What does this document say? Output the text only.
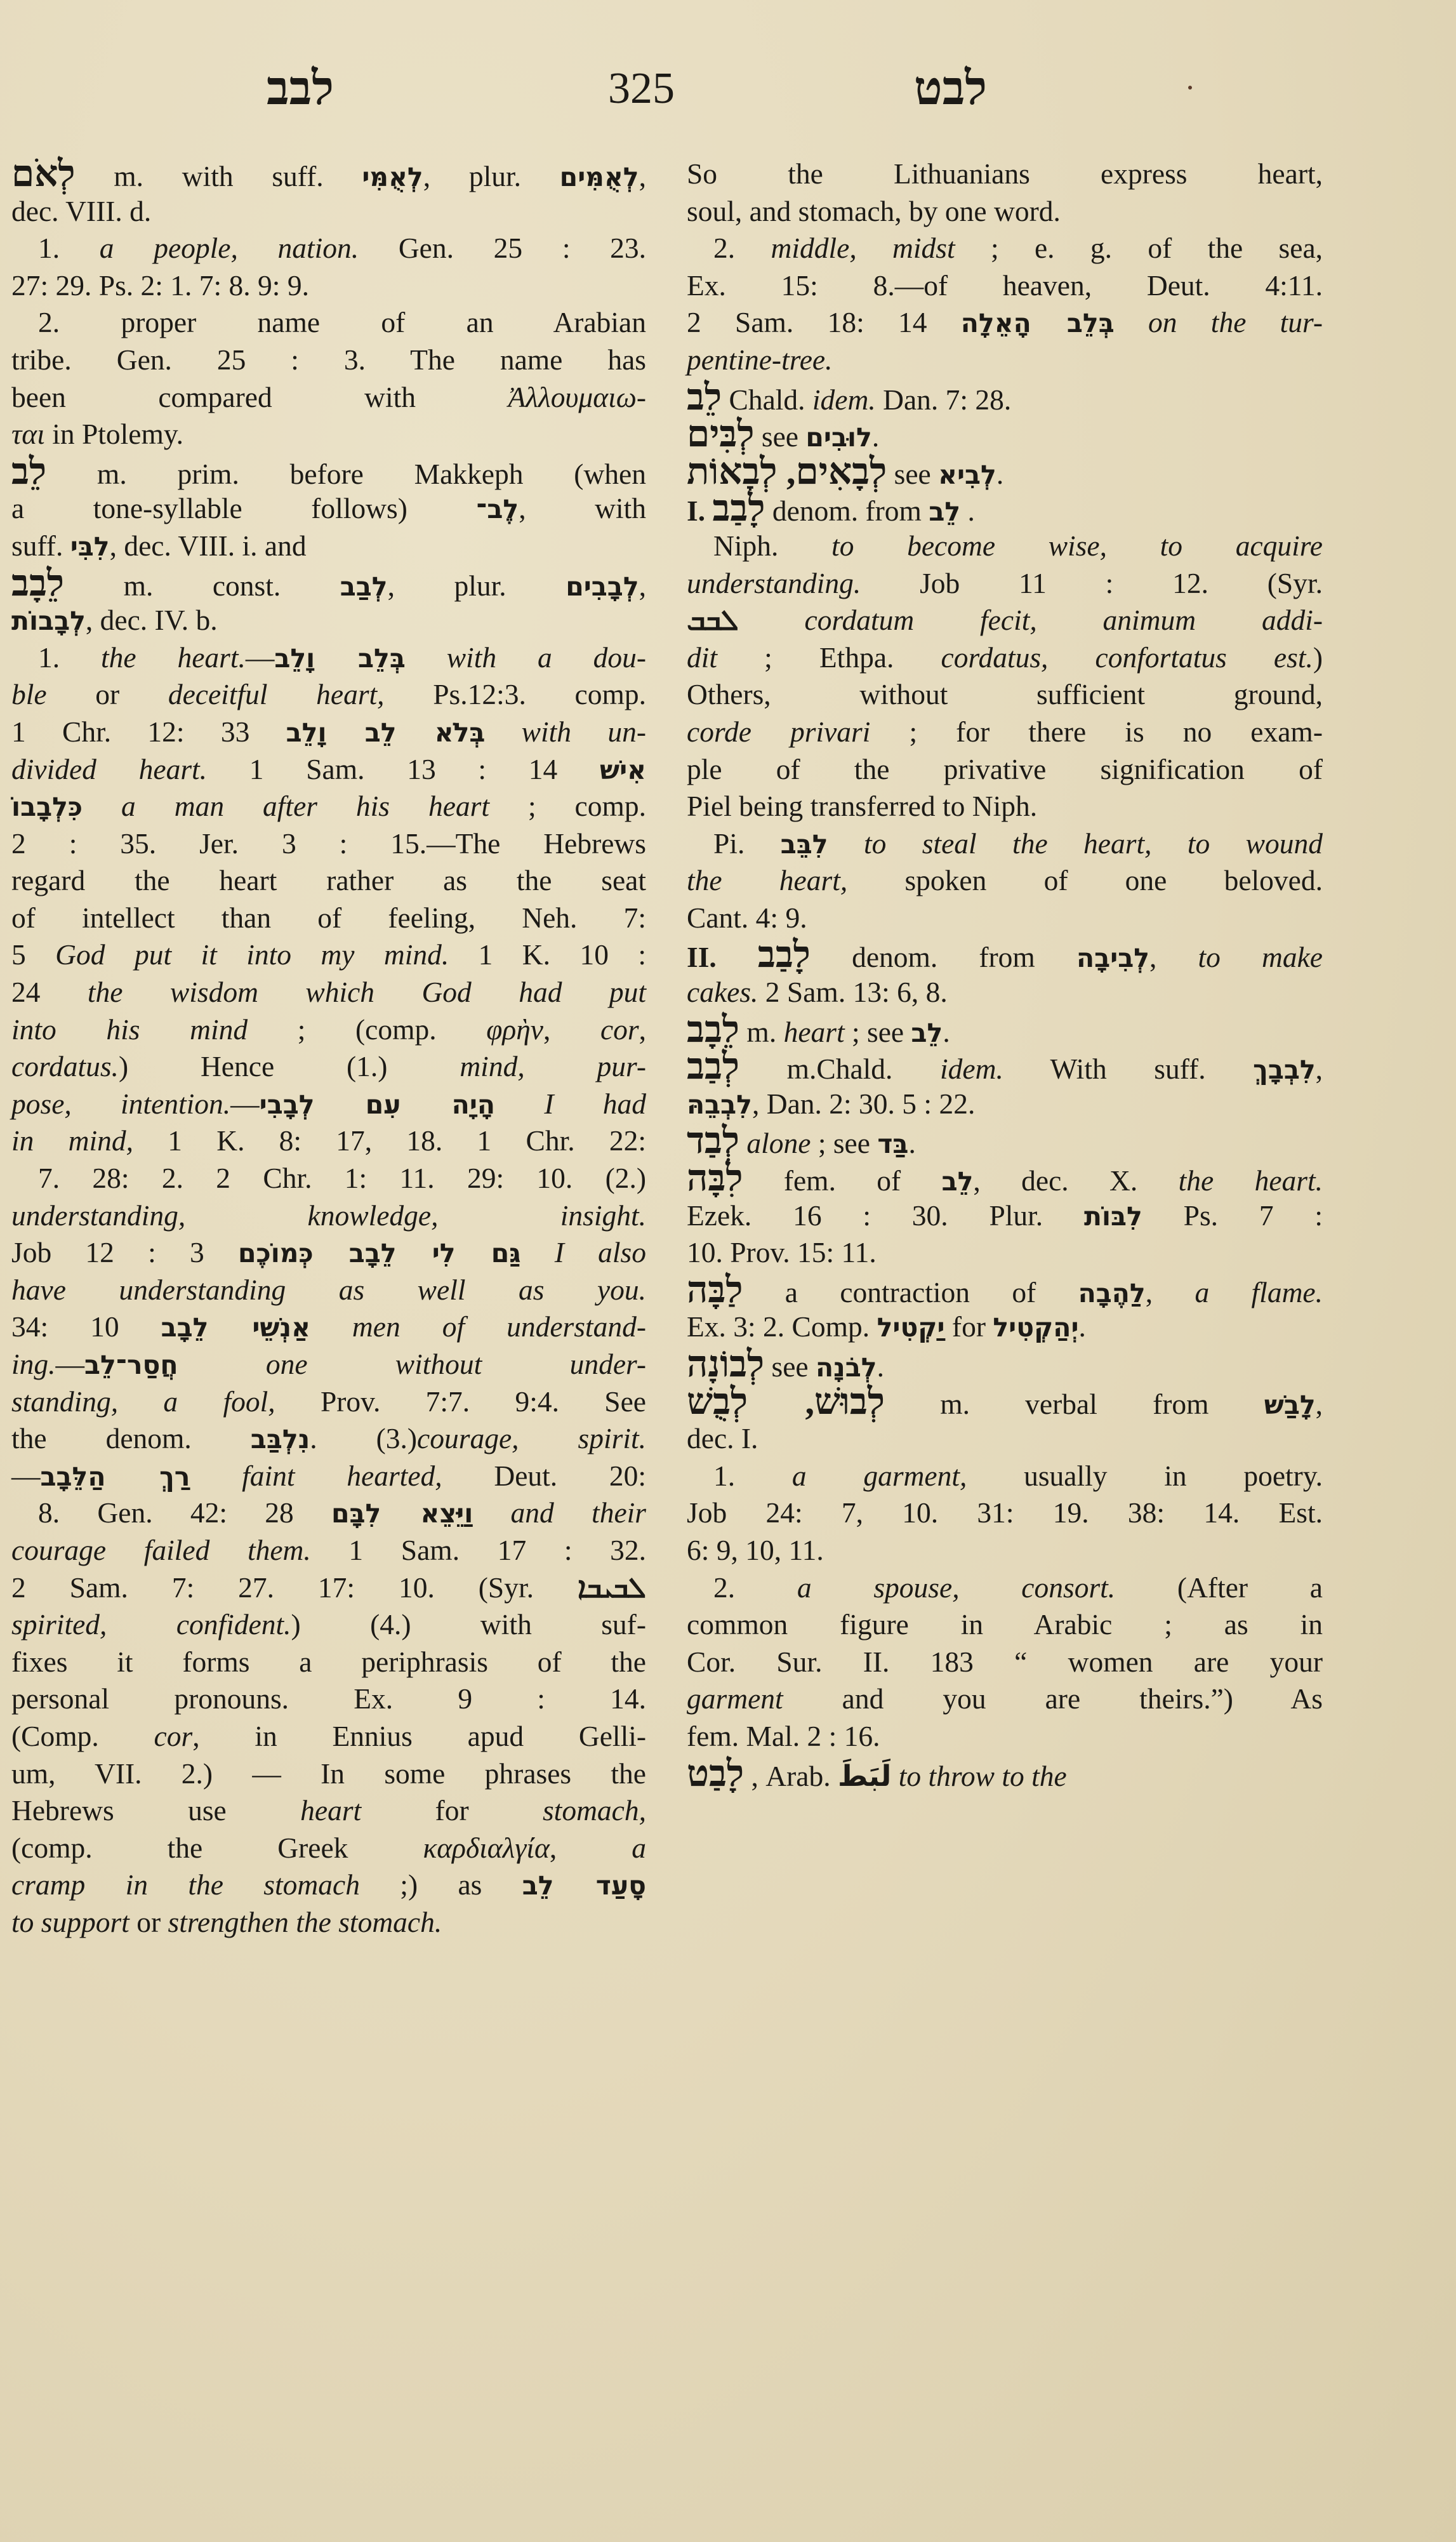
לבב	325	לבט
לְאֹם m. with suff. לְאֻמִּי, plur. לְאֻמִּים,
dec. VIII. d.
1. a people, nation. Gen. 25 : 23.
27: 29. Ps. 2: 1. 7: 8. 9: 9.
2. proper name of an Arabian
tribe. Gen. 25 : 3. The name has
been compared with Ἀλλουμαιω-
ται in Ptolemy.
לֵב m. prim. before Makkeph (when
a tone-syllable follows) לֶב־, with
suff. לִבִּי, dec. VIII. i. and
לֵבָב m. const. לְבַב, plur. לְבָבִים,
לְבָבוֹת, dec. IV. b.
1. the heart.—בְּלֵב וָלֵב with a dou-
ble or deceitful heart, Ps.12:3. comp.
1 Chr. 12: 33 בְּלֹא לֵב וָלֵב with un-
divided heart. 1 Sam. 13 : 14 אִישׁ
כִּלְבָבוֹ a man after his heart ; comp.
2 : 35. Jer. 3 : 15.—The Hebrews
regard the heart rather as the seat
of intellect than of feeling, Neh. 7:
5 God put it into my mind. 1 K. 10 :
24 the wisdom which God had put
into his mind ; (comp. φρὴν, cor,
cordatus.) Hence (1.) mind, pur-
pose, intention.—הָיָה עִם לְבָבִי I had
in mind, 1 K. 8: 17, 18. 1 Chr. 22:
7. 28: 2. 2 Chr. 1: 11. 29: 10. (2.)
understanding, knowledge, insight.
Job 12 : 3 גַּם לִי לֵבָב כְּמוֹכֶם I also
have understanding as well as you.
34: 10 אַנְשֵׁי לֵבָב men of understand-
ing.—חֲסַר־לֵב one without under-
standing, a fool, Prov. 7:7. 9:4. See
the denom. נִלְבַּב. (3.)courage, spirit.
—רַךְ הַלֵּבָב faint hearted, Deut. 20:
8. Gen. 42: 28 וַיֵּצֵא לִבָּם and their
courage failed them. 1 Sam. 17 : 32.
2 Sam. 7: 27. 17: 10. (Syr. ܠܒܝܒܐ
spirited, confident.) (4.) with suf-
fixes it forms a periphrasis of the
personal pronouns. Ex. 9 : 14.
(Comp. cor, in Ennius apud Gelli-
um, VII. 2.) — In some phrases the
Hebrews use heart for stomach,
(comp. the Greek καρδιαλγία, a
cramp in the stomach ;) as סָעַד לֵב
to support or strengthen the stomach.
So the Lithuanians express heart,
soul, and stomach, by one word.
2. middle, midst ; e. g. of the sea,
Ex. 15: 8.—of heaven, Deut. 4:11.
2 Sam. 18: 14 בְּלֵב הָאֵלָה on the tur-
pentine-tree.
לֵב Chald. idem. Dan. 7: 28.
לְבִּים see לוּבִים.
לְבָאִים, לְבָאוֹת see לְבִיא.
I. לָבַב denom. from לֵב .
Niph. to become wise, to acquire
understanding. Job 11 : 12. (Syr.
ܠܒܒ cordatum fecit, animum addi-
dit ; Ethpa. cordatus, confortatus est.)
Others, without sufficient ground,
corde privari ; for there is no exam-
ple of the privative signification of
Piel being transferred to Niph.
Pi. לִבֵּב to steal the heart, to wound
the heart, spoken of one beloved.
Cant. 4: 9.
II. לָבַב denom. from לְבִיבָה, to make
cakes. 2 Sam. 13: 6, 8.
לֵבָב m. heart ; see לֵב.
לְבַב m.Chald. idem. With suff. לִבְבָךְ,
לִבְבֵהּ, Dan. 2: 30. 5 : 22.
לְבַד alone ; see בַּד.
לִבָּה fem. of לֵב, dec. X. the heart.
Ezek. 16 : 30. Plur. לִבּוֹת Ps. 7 :
10. Prov. 15: 11.
לַבָּה a contraction of לַהֶבָה, a flame.
Ex. 3: 2. Comp. יַקְטִיל for יְהַקְטִיל.
לְבוֹנָה see לְבֹנָה.
לְבוּשׁ, לְבֻשׁ m. verbal from לָבַשׁ,
dec. I.
1. a garment, usually in poetry.
Job 24: 7, 10. 31: 19. 38: 14. Est.
6: 9, 10, 11.
2. a spouse, consort. (After a
common figure in Arabic ; as in
Cor. Sur. II. 183 “ women are your
garment and you are theirs.”) As
fem. Mal. 2 : 16.
לָבַט , Arab. لَبَطَ to throw to the
